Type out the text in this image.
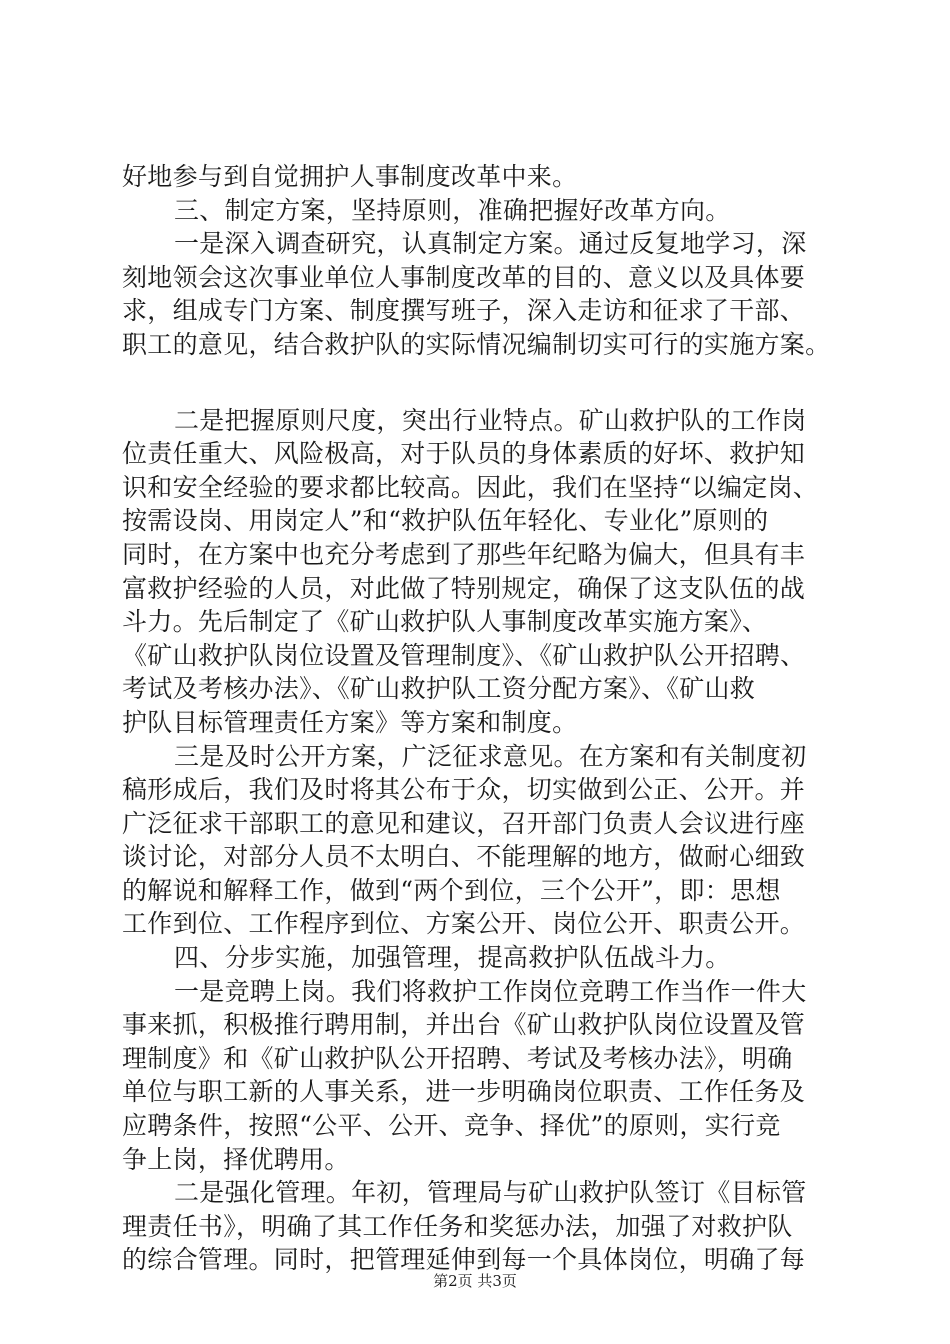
好地参与到自觉拥护人事制度改革中来。
三、制定方案，坚持原则，准确把握好改革方向。
一是深入调查研究，认真制定方案。通过反复地学习，深
刻地领会这次事业单位人事制度改革的目的、意义以及具体要
求，组成专门方案、制度撰写班子，深入走访和征求了干部、
职工的意见，结合救护队的实际情况编制切实可行的实施方案。
二是把握原则尺度，突出行业特点。矿山救护队的工作岗
位责任重大、风险极高，对于队员的身体素质的好坏、救护知
识和安全经验的要求都比较高。因此，我们在坚持“以编定岗、
按需设岗、用岗定人”和“救护队伍年轻化、专业化”原则的
同时，在方案中也充分考虑到了那些年纪略为偏大，但具有丰
富救护经验的人员，对此做了特别规定，确保了这支队伍的战
斗力。先后制定了《矿山救护队人事制度改革实施方案》、
《矿山救护队岗位设置及管理制度》、《矿山救护队公开招聘、
考试及考核办法》、《矿山救护队工资分配方案》、《矿山救
护队目标管理责任方案》等方案和制度。
三是及时公开方案，广泛征求意见。在方案和有关制度初
稿形成后，我们及时将其公布于众，切实做到公正、公开。并
广泛征求干部职工的意见和建议，召开部门负责人会议进行座
谈讨论，对部分人员不太明白、不能理解的地方，做耐心细致
的解说和解释工作，做到“两个到位，三个公开”，即：思想
工作到位、工作程序到位、方案公开、岗位公开、职责公开。
四、分步实施，加强管理，提高救护队伍战斗力。
一是竞聘上岗。我们将救护工作岗位竞聘工作当作一件大
事来抓，积极推行聘用制，并出台《矿山救护队岗位设置及管
理制度》和《矿山救护队公开招聘、考试及考核办法》，明确
单位与职工新的人事关系，进一步明确岗位职责、工作任务及
应聘条件，按照“公平、公开、竞争、择优”的原则，实行竞
争上岗，择优聘用。
二是强化管理。年初，管理局与矿山救护队签订《目标管
理责任书》，明确了其工作任务和奖惩办法，加强了对救护队
的综合管理。同时，把管理延伸到每一个具体岗位，明确了每
第2页 共3页
